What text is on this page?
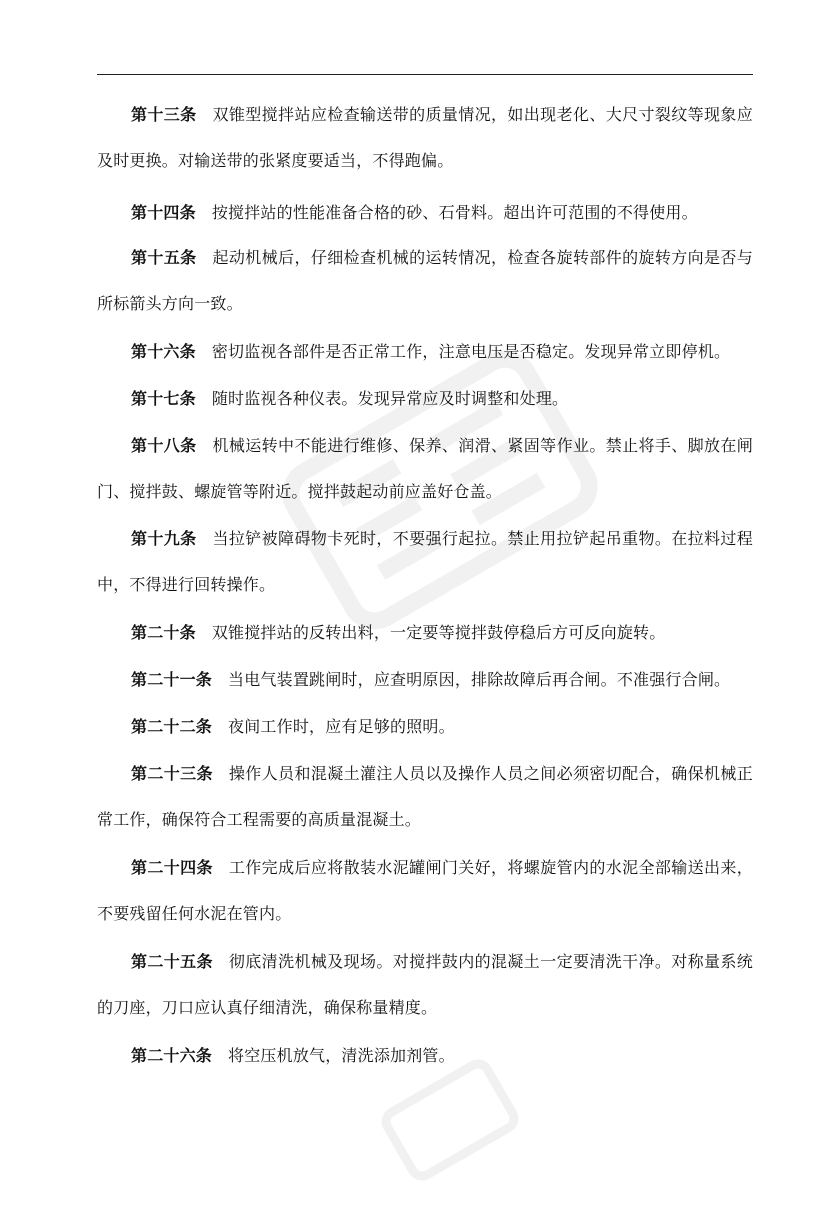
第十三条 双锥型搅拌站应检查输送带的质量情况，如出现老化、大尺寸裂纹等现象应及时更换。对输送带的张紧度要适当，不得跑偏。

第十四条 按搅拌站的性能准备合格的砂、石骨料。超出许可范围的不得使用。

第十五条 起动机械后，仔细检查机械的运转情况，检查各旋转部件的旋转方向是否与所标箭头方向一致。

第十六条 密切监视各部件是否正常工作，注意电压是否稳定。发现异常立即停机。

第十七条 随时监视各种仪表。发现异常应及时调整和处理。

第十八条 机械运转中不能进行维修、保养、润滑、紧固等作业。禁止将手、脚放在闸门、搅拌鼓、螺旋管等附近。搅拌鼓起动前应盖好仓盖。

第十九条 当拉铲被障碍物卡死时，不要强行起拉。禁止用拉铲起吊重物。在拉料过程中，不得进行回转操作。

第二十条 双锥搅拌站的反转出料，一定要等搅拌鼓停稳后方可反向旋转。

第二十一条 当电气装置跳闸时，应查明原因，排除故障后再合闸。不准强行合闸。

第二十二条 夜间工作时，应有足够的照明。

第二十三条 操作人员和混凝土灌注人员以及操作人员之间必须密切配合，确保机械正常工作，确保符合工程需要的高质量混凝土。

第二十四条 工作完成后应将散装水泥罐闸门关好，将螺旋管内的水泥全部输送出来，不要残留任何水泥在管内。

第二十五条 彻底清洗机械及现场。对搅拌鼓内的混凝土一定要清洗干净。对称量系统的刀座，刀口应认真仔细清洗，确保称量精度。

第二十六条 将空压机放气，清洗添加剂管。
